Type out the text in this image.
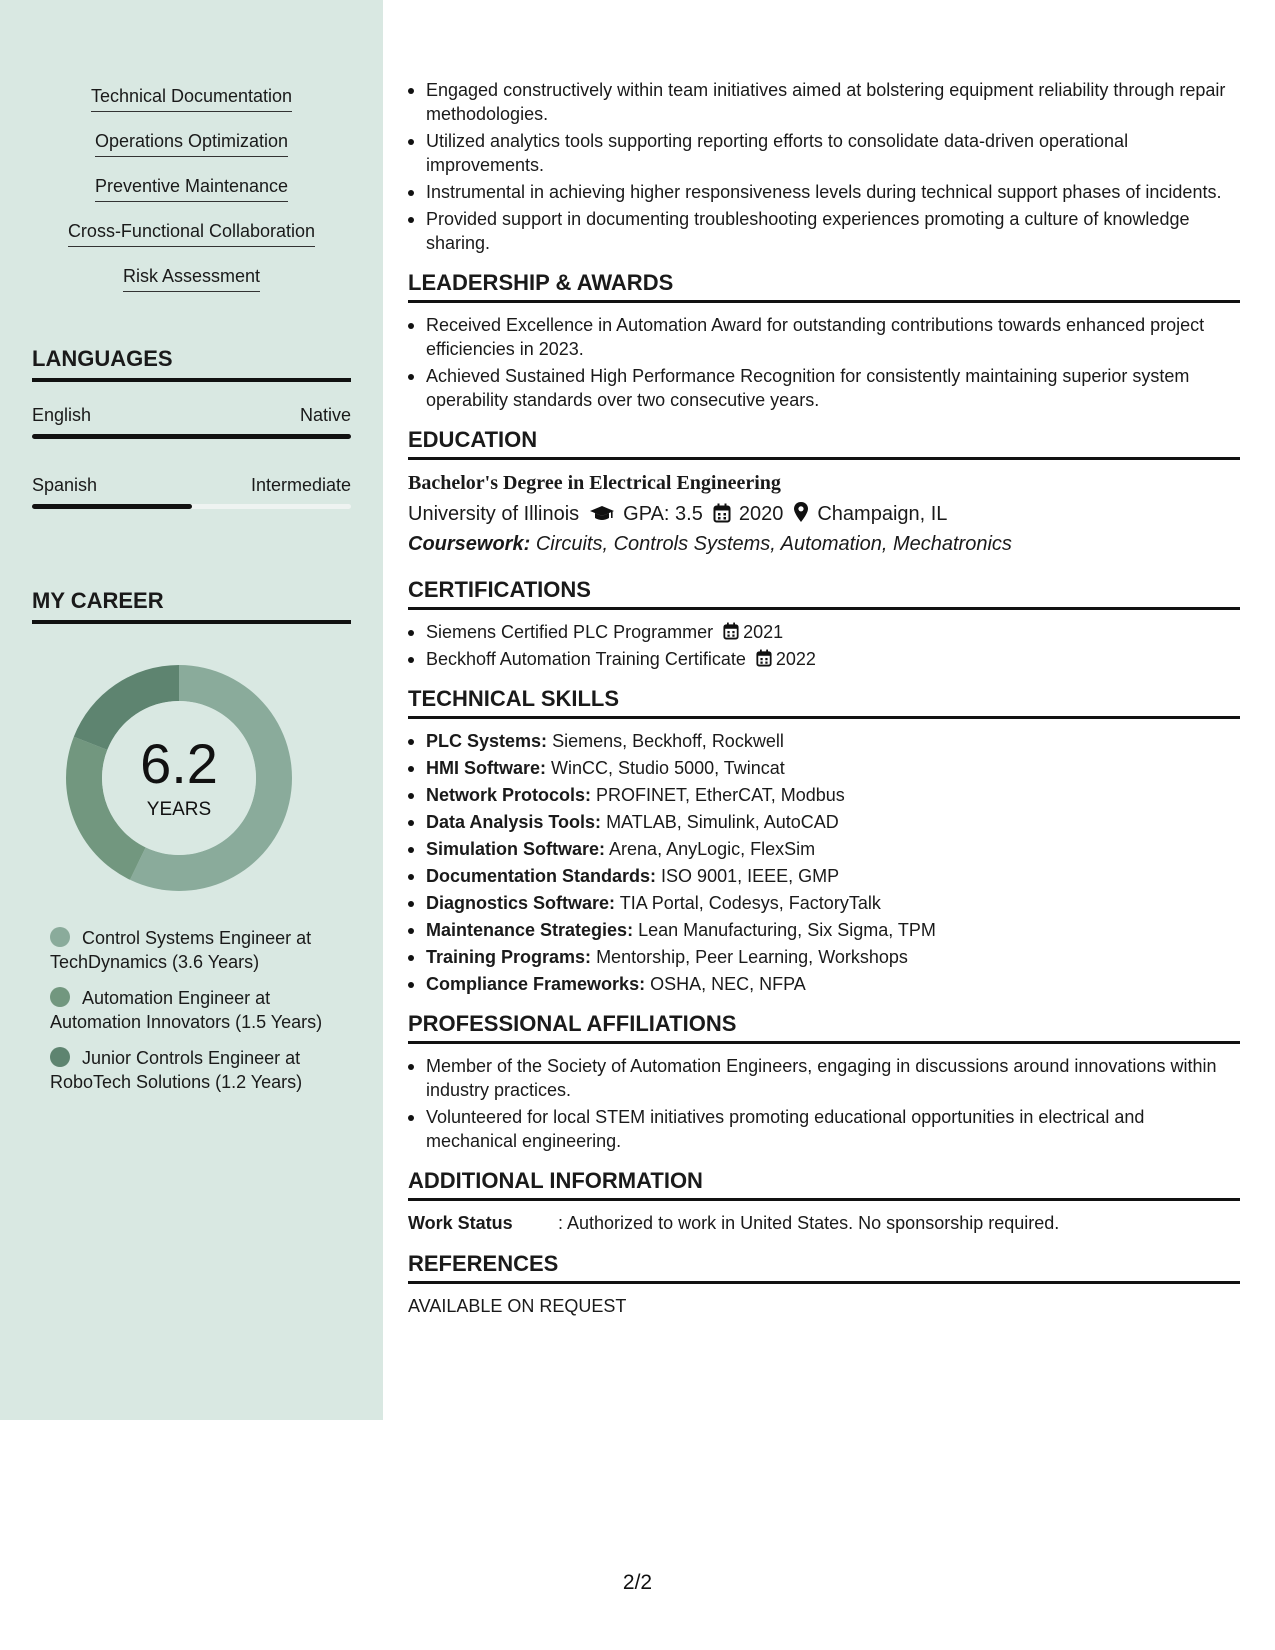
Technical Documentation
Operations Optimization
Preventive Maintenance
Cross-Functional Collaboration
Risk Assessment
LANGUAGES
English	Native
Spanish	Intermediate
MY CAREER
6.2
YEARS
Control Systems Engineer at TechDynamics (3.6 Years)
Automation Engineer at Automation Innovators (1.5 Years)
Junior Controls Engineer at RoboTech Solutions (1.2 Years)
Engaged constructively within team initiatives aimed at bolstering equipment reliability through repair methodologies.
Utilized analytics tools supporting reporting efforts to consolidate data-driven operational improvements.
Instrumental in achieving higher responsiveness levels during technical support phases of incidents.
Provided support in documenting troubleshooting experiences promoting a culture of knowledge sharing.
LEADERSHIP & AWARDS
Received Excellence in Automation Award for outstanding contributions towards enhanced project efficiencies in 2023.
Achieved Sustained High Performance Recognition for consistently maintaining superior system operability standards over two consecutive years.
EDUCATION
Bachelor's Degree in Electrical Engineering
University of Illinois GPA: 3.5 2020 Champaign, IL
Coursework: Circuits, Controls Systems, Automation, Mechatronics
CERTIFICATIONS
Siemens Certified PLC Programmer 2021
Beckhoff Automation Training Certificate 2022
TECHNICAL SKILLS
PLC Systems: Siemens, Beckhoff, Rockwell
HMI Software: WinCC, Studio 5000, Twincat
Network Protocols: PROFINET, EtherCAT, Modbus
Data Analysis Tools: MATLAB, Simulink, AutoCAD
Simulation Software: Arena, AnyLogic, FlexSim
Documentation Standards: ISO 9001, IEEE, GMP
Diagnostics Software: TIA Portal, Codesys, FactoryTalk
Maintenance Strategies: Lean Manufacturing, Six Sigma, TPM
Training Programs: Mentorship, Peer Learning, Workshops
Compliance Frameworks: OSHA, NEC, NFPA
PROFESSIONAL AFFILIATIONS
Member of the Society of Automation Engineers, engaging in discussions around innovations within industry practices.
Volunteered for local STEM initiatives promoting educational opportunities in electrical and mechanical engineering.
ADDITIONAL INFORMATION
Work Status	: Authorized to work in United States. No sponsorship required.
REFERENCES
AVAILABLE ON REQUEST
2/2
